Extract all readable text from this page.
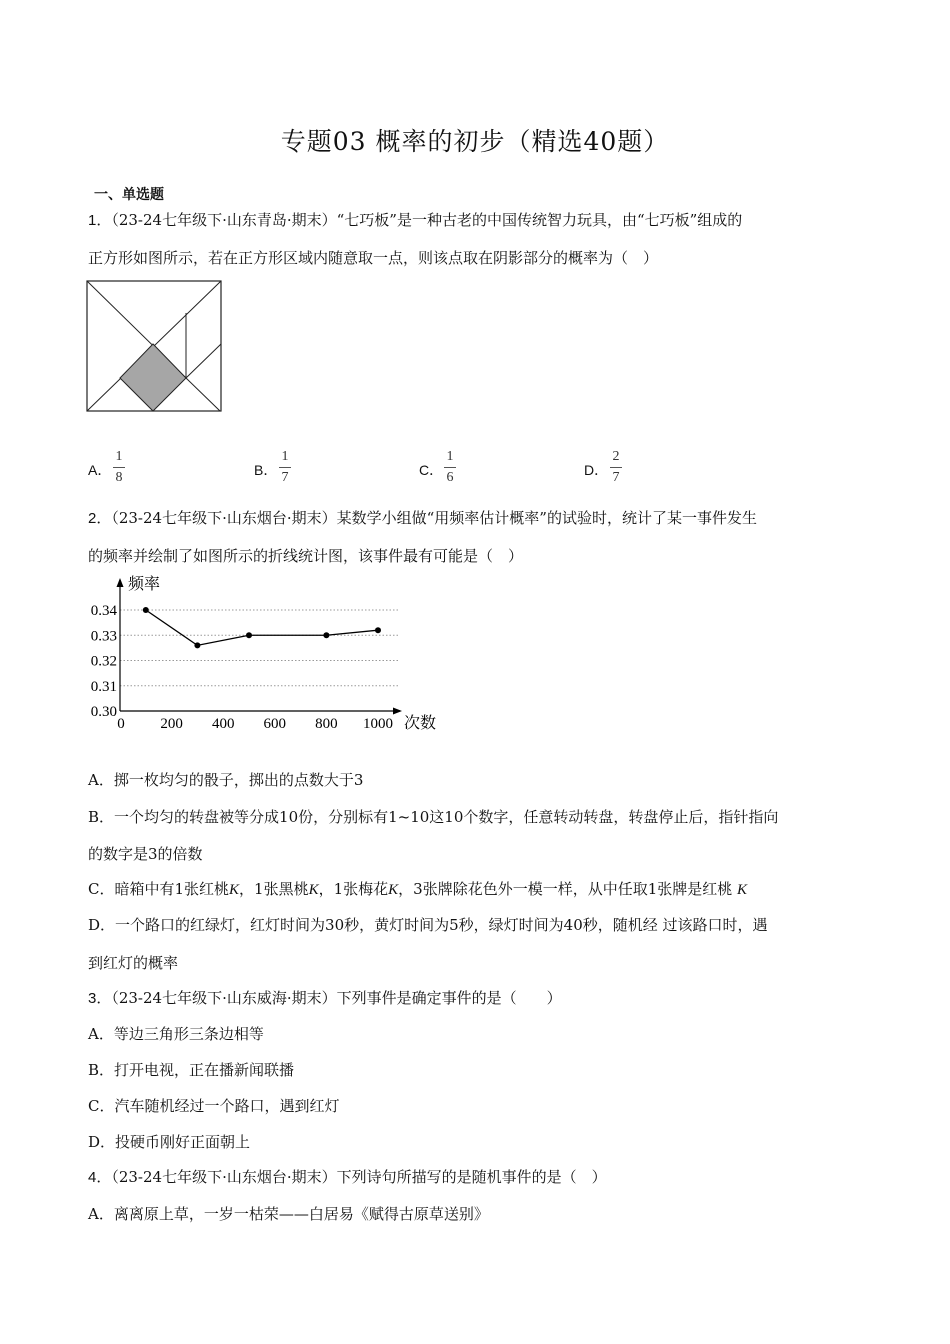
专题03 概率的初步（精选40题）
一、单选题
1．（23-24七年级下·山东青岛·期末）“七巧板”是一种古老的中国传统智力玩具，由“七巧板”组成的
正方形如图所示，若在正方形区域内随意取一点，则该点取在阴影部分的概率为（　）
A．
1
8	B．
1
7	C．
1
6	D．
2
7
2．（23-24七年级下·山东烟台·期末）某数学小组做“用频率估计概率”的试验时，统计了某一事件发生
的频率并绘制了如图所示的折线统计图，该事件最有可能是（　）
0.30
0.31
0.32
0.33
0.34
0 200 400 600 800 1000
频率
次数
A．掷一枚均匀的骰子，掷出的点数大于3
B．一个均匀的转盘被等分成10份，分别标有1~10这10个数字，任意转动转盘，转盘停止后，指针指向
的数字是3的倍数
C．暗箱中有1张红桃K，1张黑桃K，1张梅花K，3张牌除花色外一模一样，从中任取1张牌是红桃 K
D．一个路口的红绿灯，红灯时间为30秒，黄灯时间为5秒，绿灯时间为40秒，随机经 过该路口时，遇
到红灯的概率
3．（23-24七年级下·山东威海·期末）下列事件是确定事件的是（　　）
A．等边三角形三条边相等
B．打开电视，正在播新闻联播
C．汽车随机经过一个路口，遇到红灯
D．投硬币刚好正面朝上
4．（23-24七年级下·山东烟台·期末）下列诗句所描写的是随机事件的是（　）
A．离离原上草，一岁一枯荣——白居易《赋得古原草送别》
